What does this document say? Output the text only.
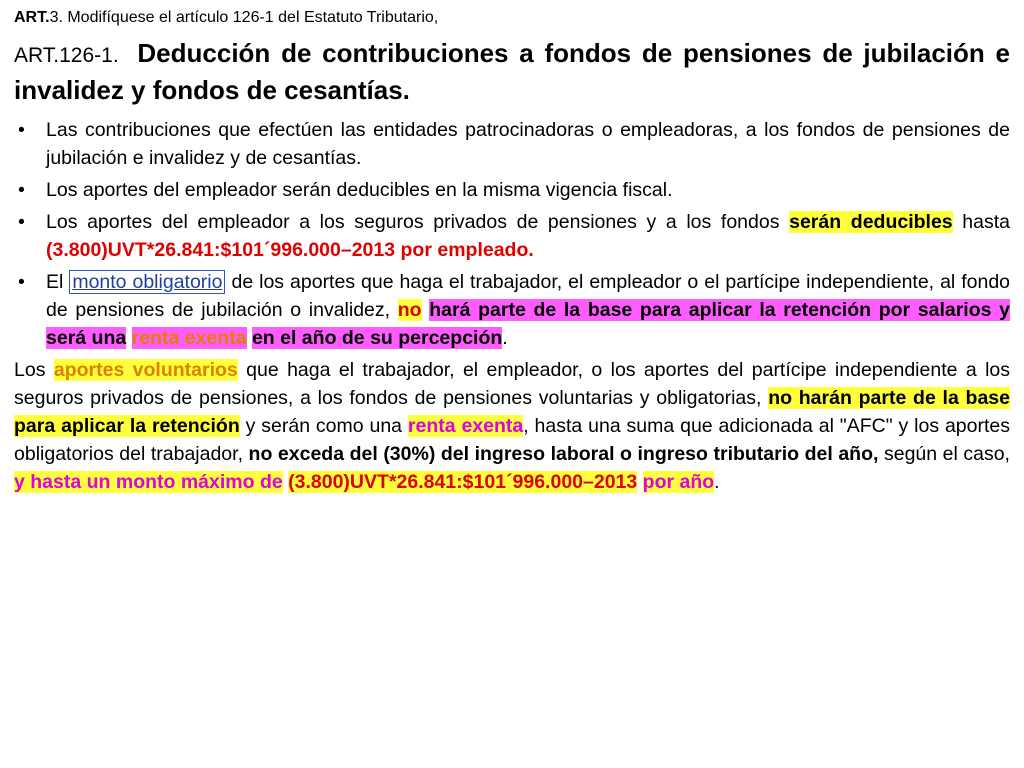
ART.3. Modifíquese el artículo 126-1 del Estatuto Tributario,
ART.126-1. Deducción de contribuciones a fondos de pensiones de jubilación e invalidez y fondos de cesantías.
• Las contribuciones que efectúen las entidades patrocinadoras o empleadoras, a los fondos de pensiones de jubilación e invalidez y de cesantías.
• Los aportes del empleador serán deducibles en la misma vigencia fiscal.
• Los aportes del empleador a los seguros privados de pensiones y a los fondos serán deducibles hasta (3.800)UVT*26.841:$101´996.000–2013 por empleado.
• El monto obligatorio de los aportes que haga el trabajador, el empleador o el partícipe independiente, al fondo de pensiones de jubilación o invalidez, no hará parte de la base para aplicar la retención por salarios y será una renta exenta en el año de su percepción.

Los aportes voluntarios que haga el trabajador, el empleador, o los aportes del partícipe independiente a los seguros privados de pensiones, a los fondos de pensiones voluntarias y obligatorias, no harán parte de la base para aplicar la retención y serán como una renta exenta, hasta una suma que adicionada al "AFC" y los aportes obligatorios del trabajador, no exceda del (30%) del ingreso laboral o ingreso tributario del año, según el caso, y hasta un monto máximo de (3.800)UVT*26.841:$101´996.000–2013 por año.
